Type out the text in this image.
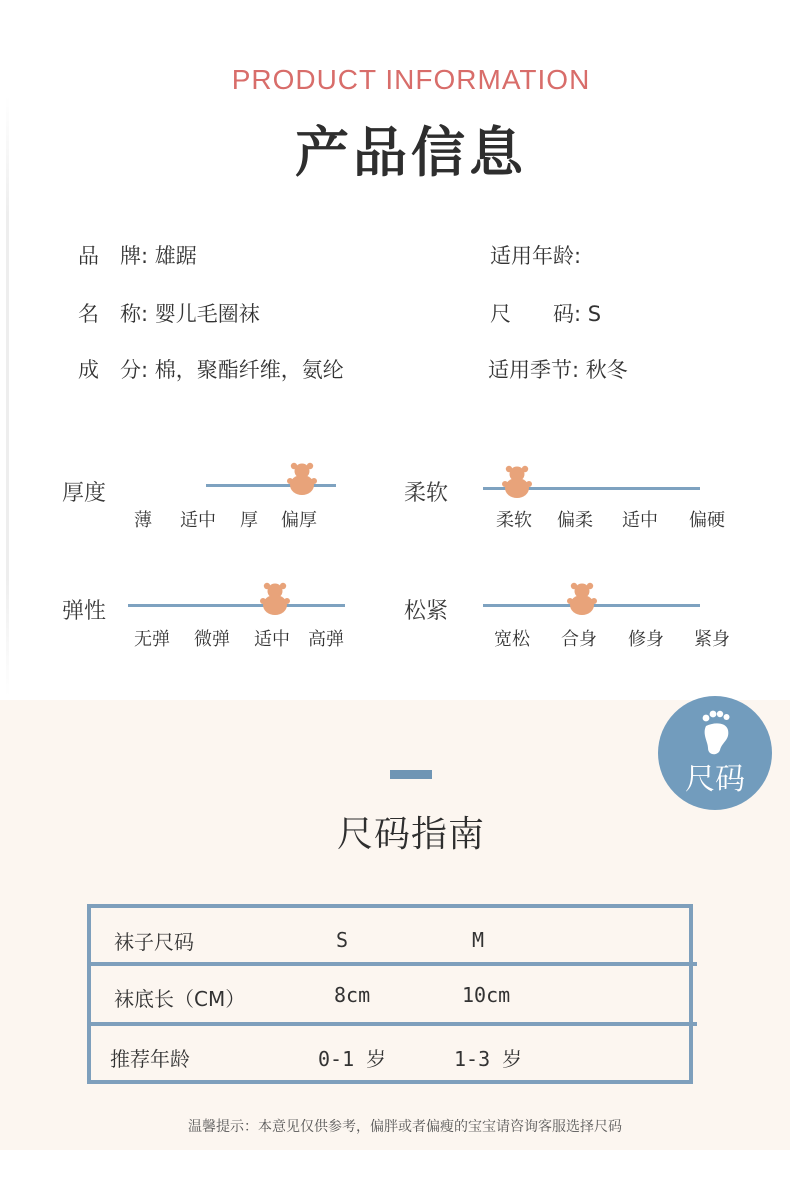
PRODUCT INFORMATION
产品信息
品　牌: 雄踞	适用年龄:
名　称: 婴儿毛圈袜	尺　　码: S
成　分: 棉，聚酯纤维，氨纶	适用季节: 秋冬
厚度
薄 适中 厚 偏厚
柔软
柔软 偏柔 适中 偏硬
弹性
无弹 微弹 适中 高弹
松紧
宽松 合身 修身 紧身
尺码
尺码指南
袜子尺码	S	M
袜底长（CM）	8cm	10cm
推荐年龄	0-1 岁	1-3 岁
温馨提示：本意见仅供参考，偏胖或者偏瘦的宝宝请咨询客服选择尺码
